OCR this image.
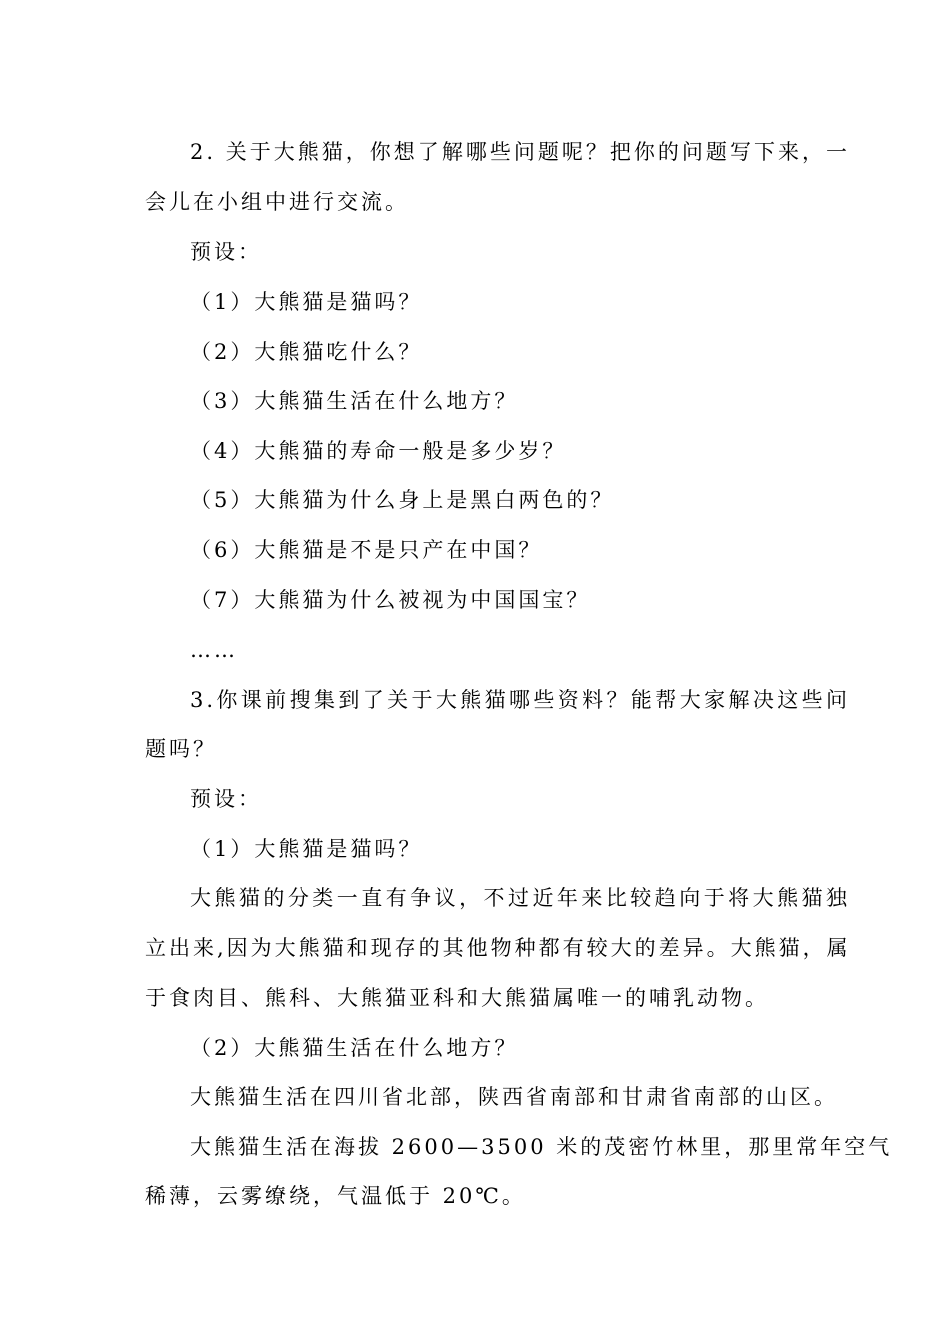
2. 关于大熊猫，你想了解哪些问题呢？把你的问题写下来，一
会儿在小组中进行交流。
预设：
（1）大熊猫是猫吗？
（2）大熊猫吃什么？
（3）大熊猫生活在什么地方？
（4）大熊猫的寿命一般是多少岁？
（5）大熊猫为什么身上是黑白两色的？
（6）大熊猫是不是只产在中国？
（7）大熊猫为什么被视为中国国宝？
……
3.你课前搜集到了关于大熊猫哪些资料？能帮大家解决这些问
题吗？
预设：
（1）大熊猫是猫吗？
大熊猫的分类一直有争议，不过近年来比较趋向于将大熊猫独
立出来,因为大熊猫和现存的其他物种都有较大的差异。大熊猫，属
于食肉目、熊科、大熊猫亚科和大熊猫属唯一的哺乳动物。
（2）大熊猫生活在什么地方？
大熊猫生活在四川省北部，陕西省南部和甘肃省南部的山区。
大熊猫生活在海拔 2600—3500 米的茂密竹林里，那里常年空气
稀薄，云雾缭绕，气温低于 20℃。
